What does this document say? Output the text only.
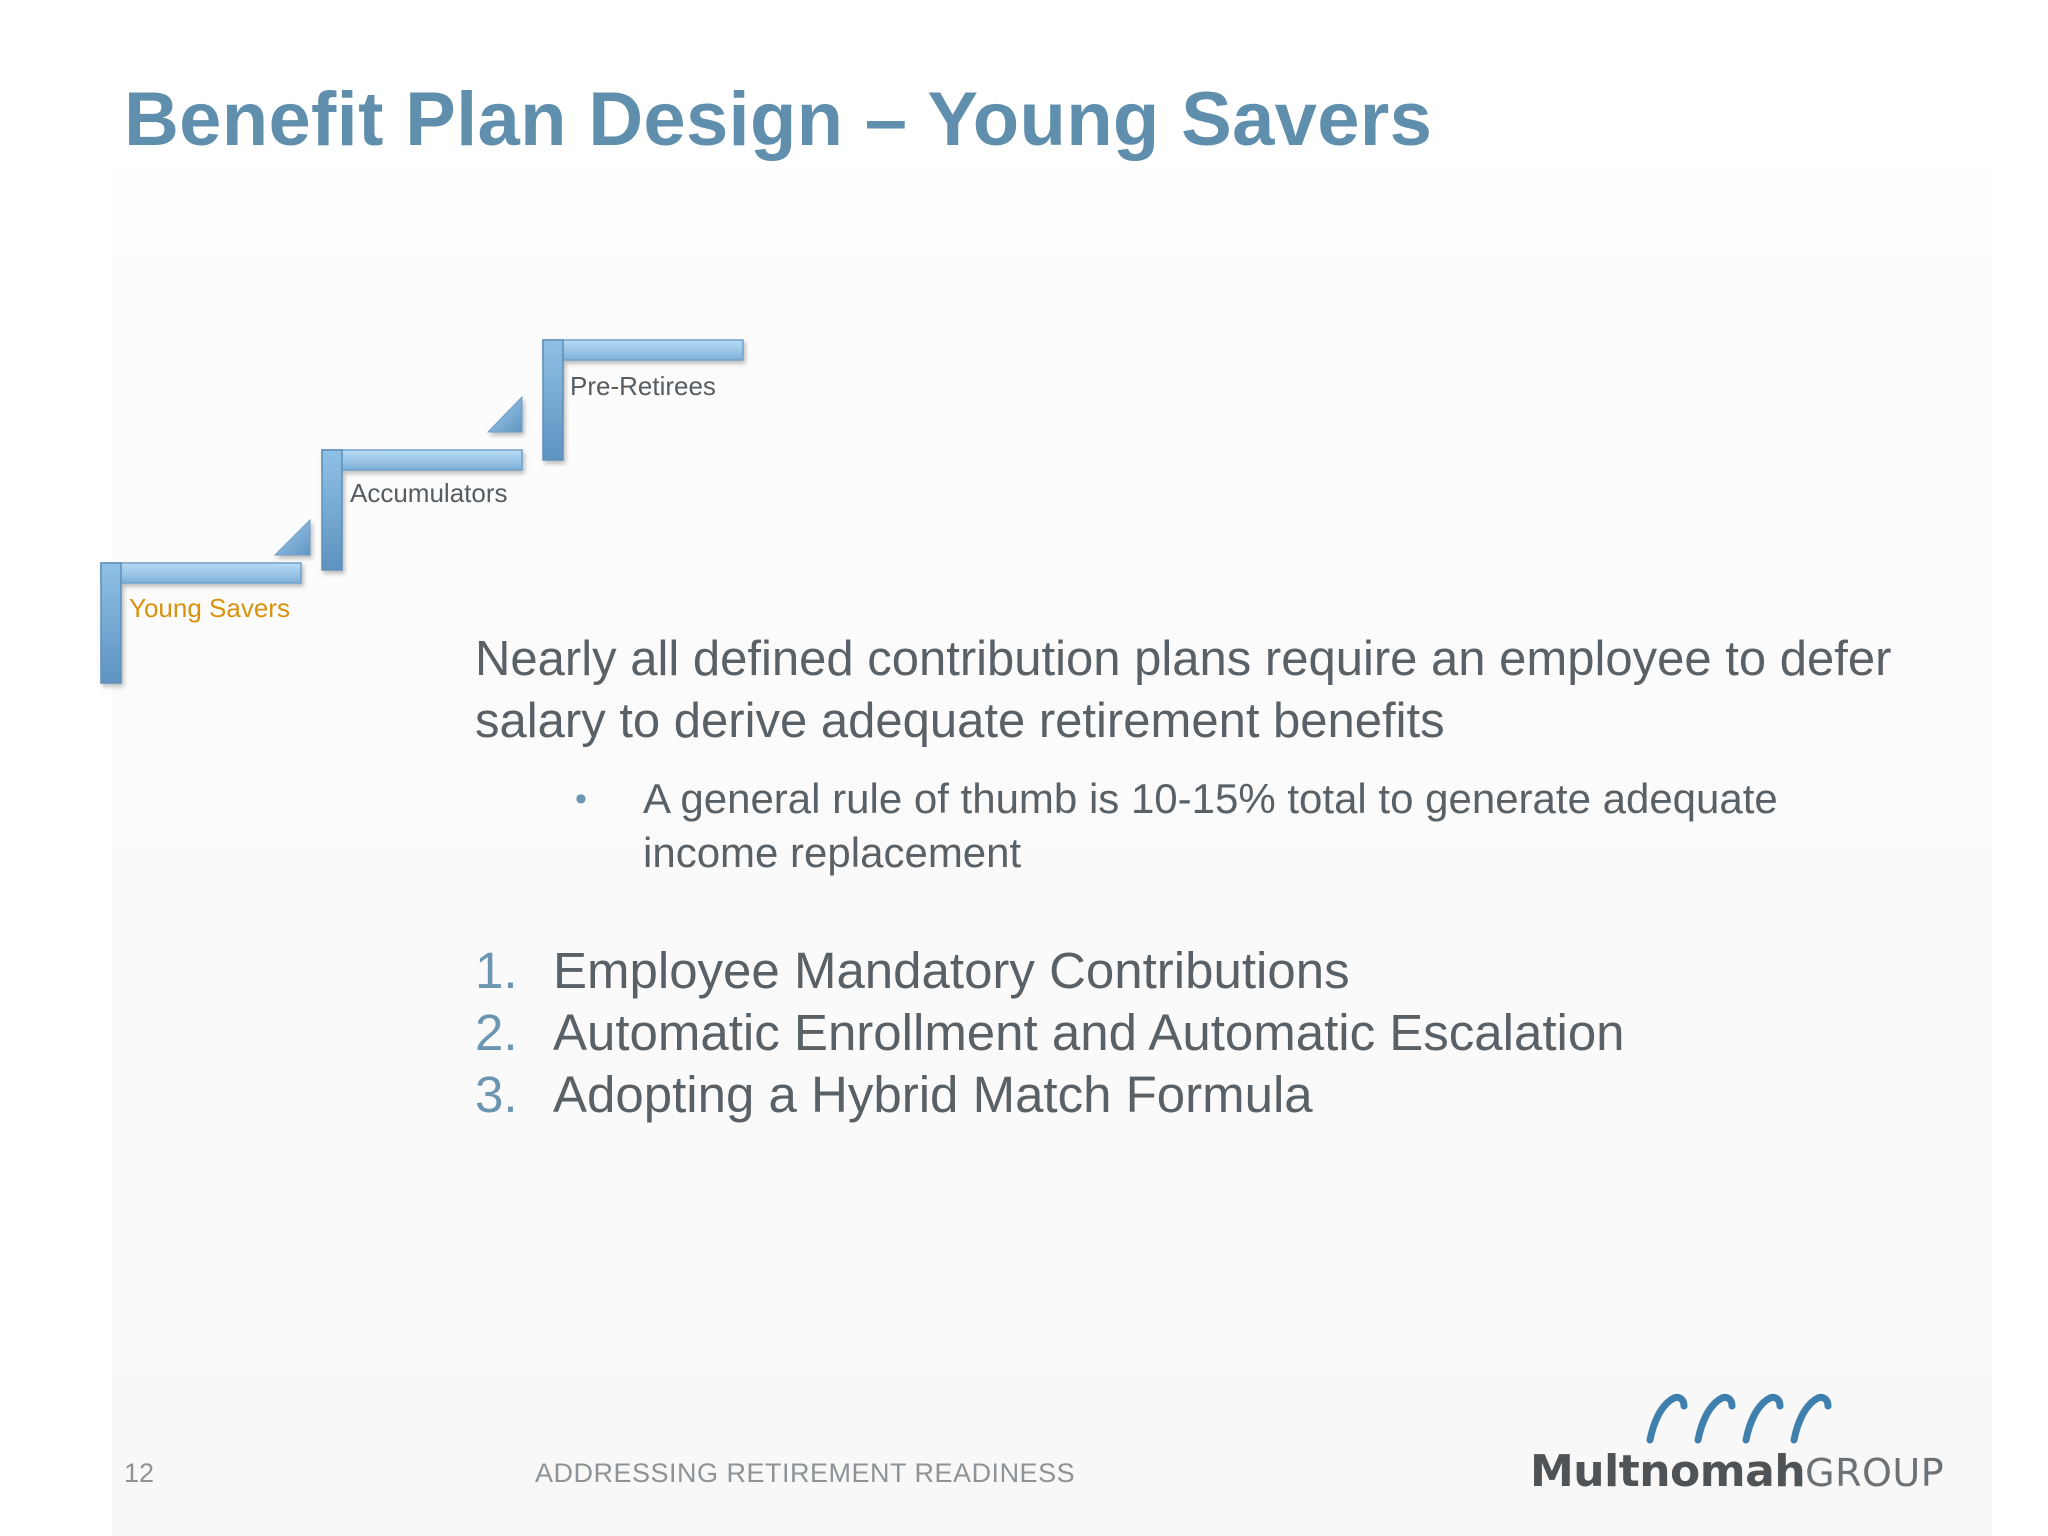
Benefit Plan Design – Young Savers
Young Savers
Accumulators
Pre-Retirees

Nearly all defined contribution plans require an employee to defer salary to derive adequate retirement benefits

•	A general rule of thumb is 10-15% total to generate adequate income replacement
1. Employee Mandatory Contributions
2. Automatic Enrollment and Automatic Escalation
3. Adopting a Hybrid Match Formula
12	ADDRESSING RETIREMENT READINESS	MultnomahGROUP
